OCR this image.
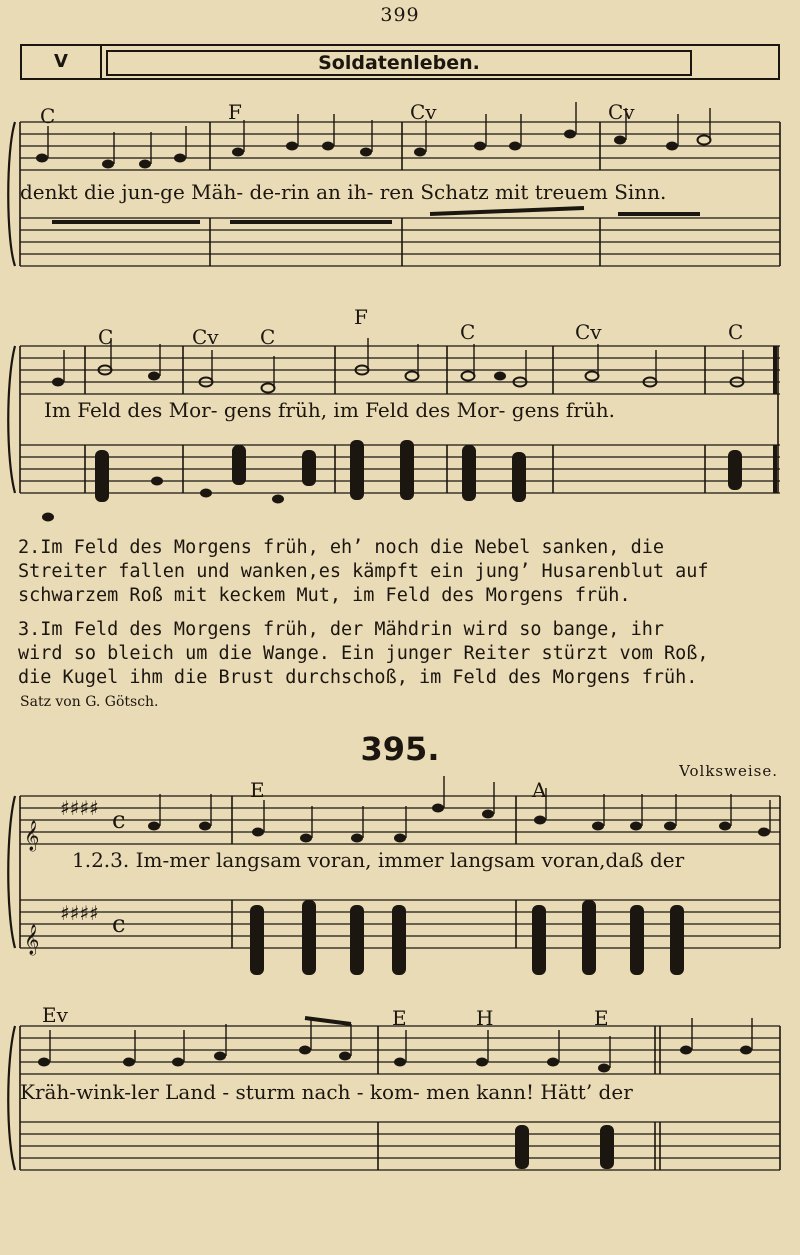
399
V	Soldatenleben.
𝄞
𝄞
♯♯♯♯
♯♯♯♯
c
c
C	F	Cv	Cv
denkt die jun-ge Mäh- de-rin an ih- ren Schatz mit treuem Sinn.
C	Cv C
F
C	Cv	C
Im Feld des Mor- gens früh, im Feld des Mor- gens früh.
2.Im Feld des Morgens früh, eh’ noch die Nebel sanken, die
Streiter fallen und wanken,es kämpft ein jung’ Husarenblut auf
schwarzem Roß mit keckem Mut, im Feld des Morgens früh.
3.Im Feld des Morgens früh, der Mähdrin wird so bange, ihr
wird so bleich um die Wange. Ein junger Reiter stürzt vom Roß,
die Kugel ihm die Brust durchschoß, im Feld des Morgens früh.
Satz von G. Götsch.
395.
Volksweise.
E	A
1.2.3. Im-mer langsam voran, immer langsam voran,daß der
Ev	E	H	E
Kräh-wink-ler Land - sturm nach - kom- men kann! Hätt’ der
